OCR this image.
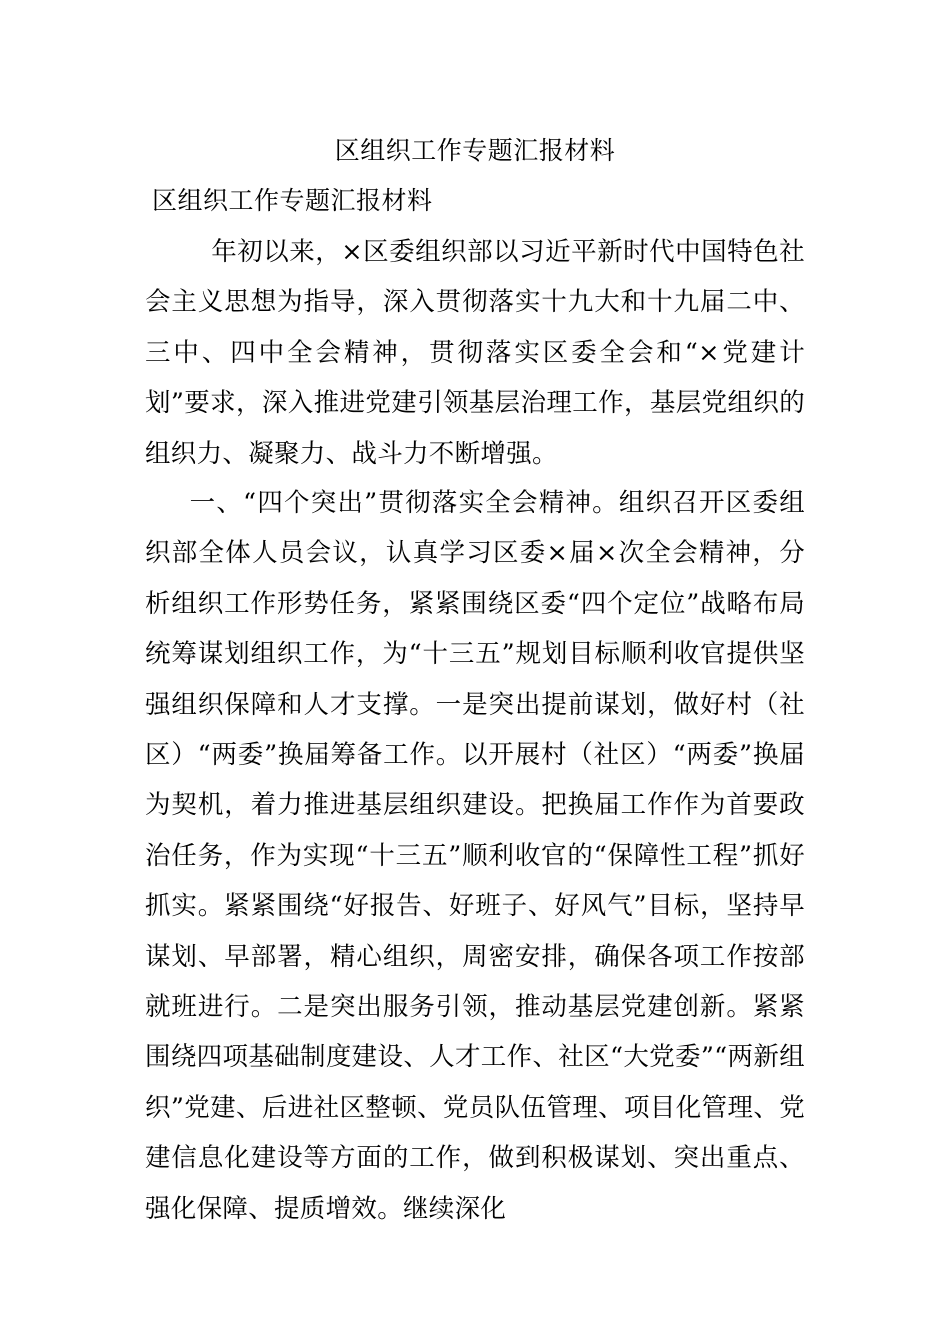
区组织工作专题汇报材料
区组织工作专题汇报材料

年初以来，×区委组织部以习近平新时代中国特色社会主义思想为指导，深入贯彻落实十九大和十九届二中、三中、四中全会精神，贯彻落实区委全会和“×党建计划”要求，深入推进党建引领基层治理工作，基层党组织的组织力、凝聚力、战斗力不断增强。

一、“四个突出”贯彻落实全会精神。组织召开区委组织部全体人员会议，认真学习区委×届×次全会精神，分析组织工作形势任务，紧紧围绕区委“四个定位”战略布局统筹谋划组织工作，为“十三五”规划目标顺利收官提供坚强组织保障和人才支撑。一是突出提前谋划，做好村（社区）“两委”换届筹备工作。以开展村（社区）“两委”换届为契机，着力推进基层组织建设。把换届工作作为首要政治任务，作为实现“十三五”顺利收官的“保障性工程”抓好抓实。紧紧围绕“好报告、好班子、好风气”目标，坚持早谋划、早部署，精心组织，周密安排，确保各项工作按部就班进行。二是突出服务引领，推动基层党建创新。紧紧围绕四项基础制度建设、人才工作、社区“大党委”“两新组织”党建、后进社区整顿、党员队伍管理、项目化管理、党建信息化建设等方面的工作，做到积极谋划、突出重点、强化保障、提质增效。继续深化
